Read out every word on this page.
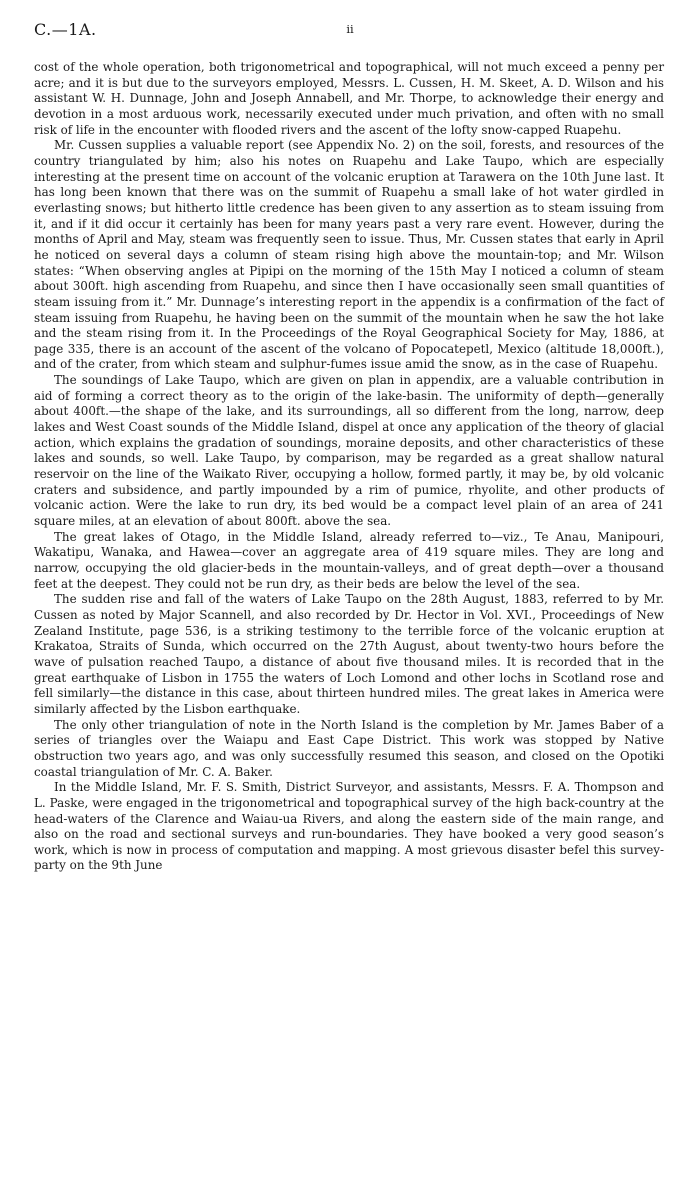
C.—1A.	ii

cost of the whole operation, both trigonometrical and topographical, will not much exceed a penny per acre; and it is but due to the surveyors employed, Messrs. L. Cussen, H. M. Skeet, A. D. Wilson and his assistant W. H. Dunnage, John and Joseph Annabell, and Mr. Thorpe, to acknowledge their energy and devotion in a most arduous work, necessarily executed under much privation, and often with no small risk of life in the encounter with flooded rivers and the ascent of the lofty snow-capped Ruapehu.

Mr. Cussen supplies a valuable report (see Appendix No. 2) on the soil, forests, and resources of the country triangulated by him; also his notes on Ruapehu and Lake Taupo, which are especially interesting at the present time on account of the volcanic eruption at Tarawera on the 10th June last. It has long been known that there was on the summit of Ruapehu a small lake of hot water girdled in everlasting snows; but hitherto little credence has been given to any assertion as to steam issuing from it, and if it did occur it certainly has been for many years past a very rare event. However, during the months of April and May, steam was frequently seen to issue. Thus, Mr. Cussen states that early in April he noticed on several days a column of steam rising high above the mountain-top; and Mr. Wilson states: “When observing angles at Pipipi on the morning of the 15th May I noticed a column of steam about 300ft. high ascending from Ruapehu, and since then I have occasionally seen small quantities of steam issuing from it.” Mr. Dunnage’s interesting report in the appendix is a confirmation of the fact of steam issuing from Ruapehu, he having been on the summit of the mountain when he saw the hot lake and the steam rising from it. In the Proceedings of the Royal Geographical Society for May, 1886, at page 335, there is an account of the ascent of the volcano of Popocatepetl, Mexico (altitude 18,000ft.), and of the crater, from which steam and sulphur-fumes issue amid the snow, as in the case of Ruapehu.

The soundings of Lake Taupo, which are given on plan in appendix, are a valuable contribution in aid of forming a correct theory as to the origin of the lake-basin. The uniformity of depth—generally about 400ft.—the shape of the lake, and its surroundings, all so different from the long, narrow, deep lakes and West Coast sounds of the Middle Island, dispel at once any application of the theory of glacial action, which explains the gradation of soundings, moraine deposits, and other characteristics of these lakes and sounds, so well. Lake Taupo, by comparison, may be regarded as a great shallow natural reservoir on the line of the Waikato River, occupying a hollow, formed partly, it may be, by old volcanic craters and subsidence, and partly impounded by a rim of pumice, rhyolite, and other products of volcanic action. Were the lake to run dry, its bed would be a compact level plain of an area of 241 square miles, at an elevation of about 800ft. above the sea.

The great lakes of Otago, in the Middle Island, already referred to—viz., Te Anau, Manipouri, Wakatipu, Wanaka, and Hawea—cover an aggregate area of 419 square miles. They are long and narrow, occupying the old glacier-beds in the mountain-valleys, and of great depth—over a thousand feet at the deepest. They could not be run dry, as their beds are below the level of the sea.

The sudden rise and fall of the waters of Lake Taupo on the 28th August, 1883, referred to by Mr. Cussen as noted by Major Scannell, and also recorded by Dr. Hector in Vol. XVI., Proceedings of New Zealand Institute, page 536, is a striking testimony to the terrible force of the volcanic eruption at Krakatoa, Straits of Sunda, which occurred on the 27th August, about twenty-two hours before the wave of pulsation reached Taupo, a distance of about five thousand miles. It is recorded that in the great earthquake of Lisbon in 1755 the waters of Loch Lomond and other lochs in Scotland rose and fell similarly—the distance in this case, about thirteen hundred miles. The great lakes in America were similarly affected by the Lisbon earthquake.

The only other triangulation of note in the North Island is the completion by Mr. James Baber of a series of triangles over the Waiapu and East Cape District. This work was stopped by Native obstruction two years ago, and was only successfully resumed this season, and closed on the Opotiki coastal triangulation of Mr. C. A. Baker.

In the Middle Island, Mr. F. S. Smith, District Surveyor, and assistants, Messrs. F. A. Thompson and L. Paske, were engaged in the trigonometrical and topographical survey of the high back-country at the head-waters of the Clarence and Waiau-ua Rivers, and along the eastern side of the main range, and also on the road and sectional surveys and run-boundaries. They have booked a very good season’s work, which is now in process of computation and mapping. A most grievous disaster befel this survey-party on the 9th June
